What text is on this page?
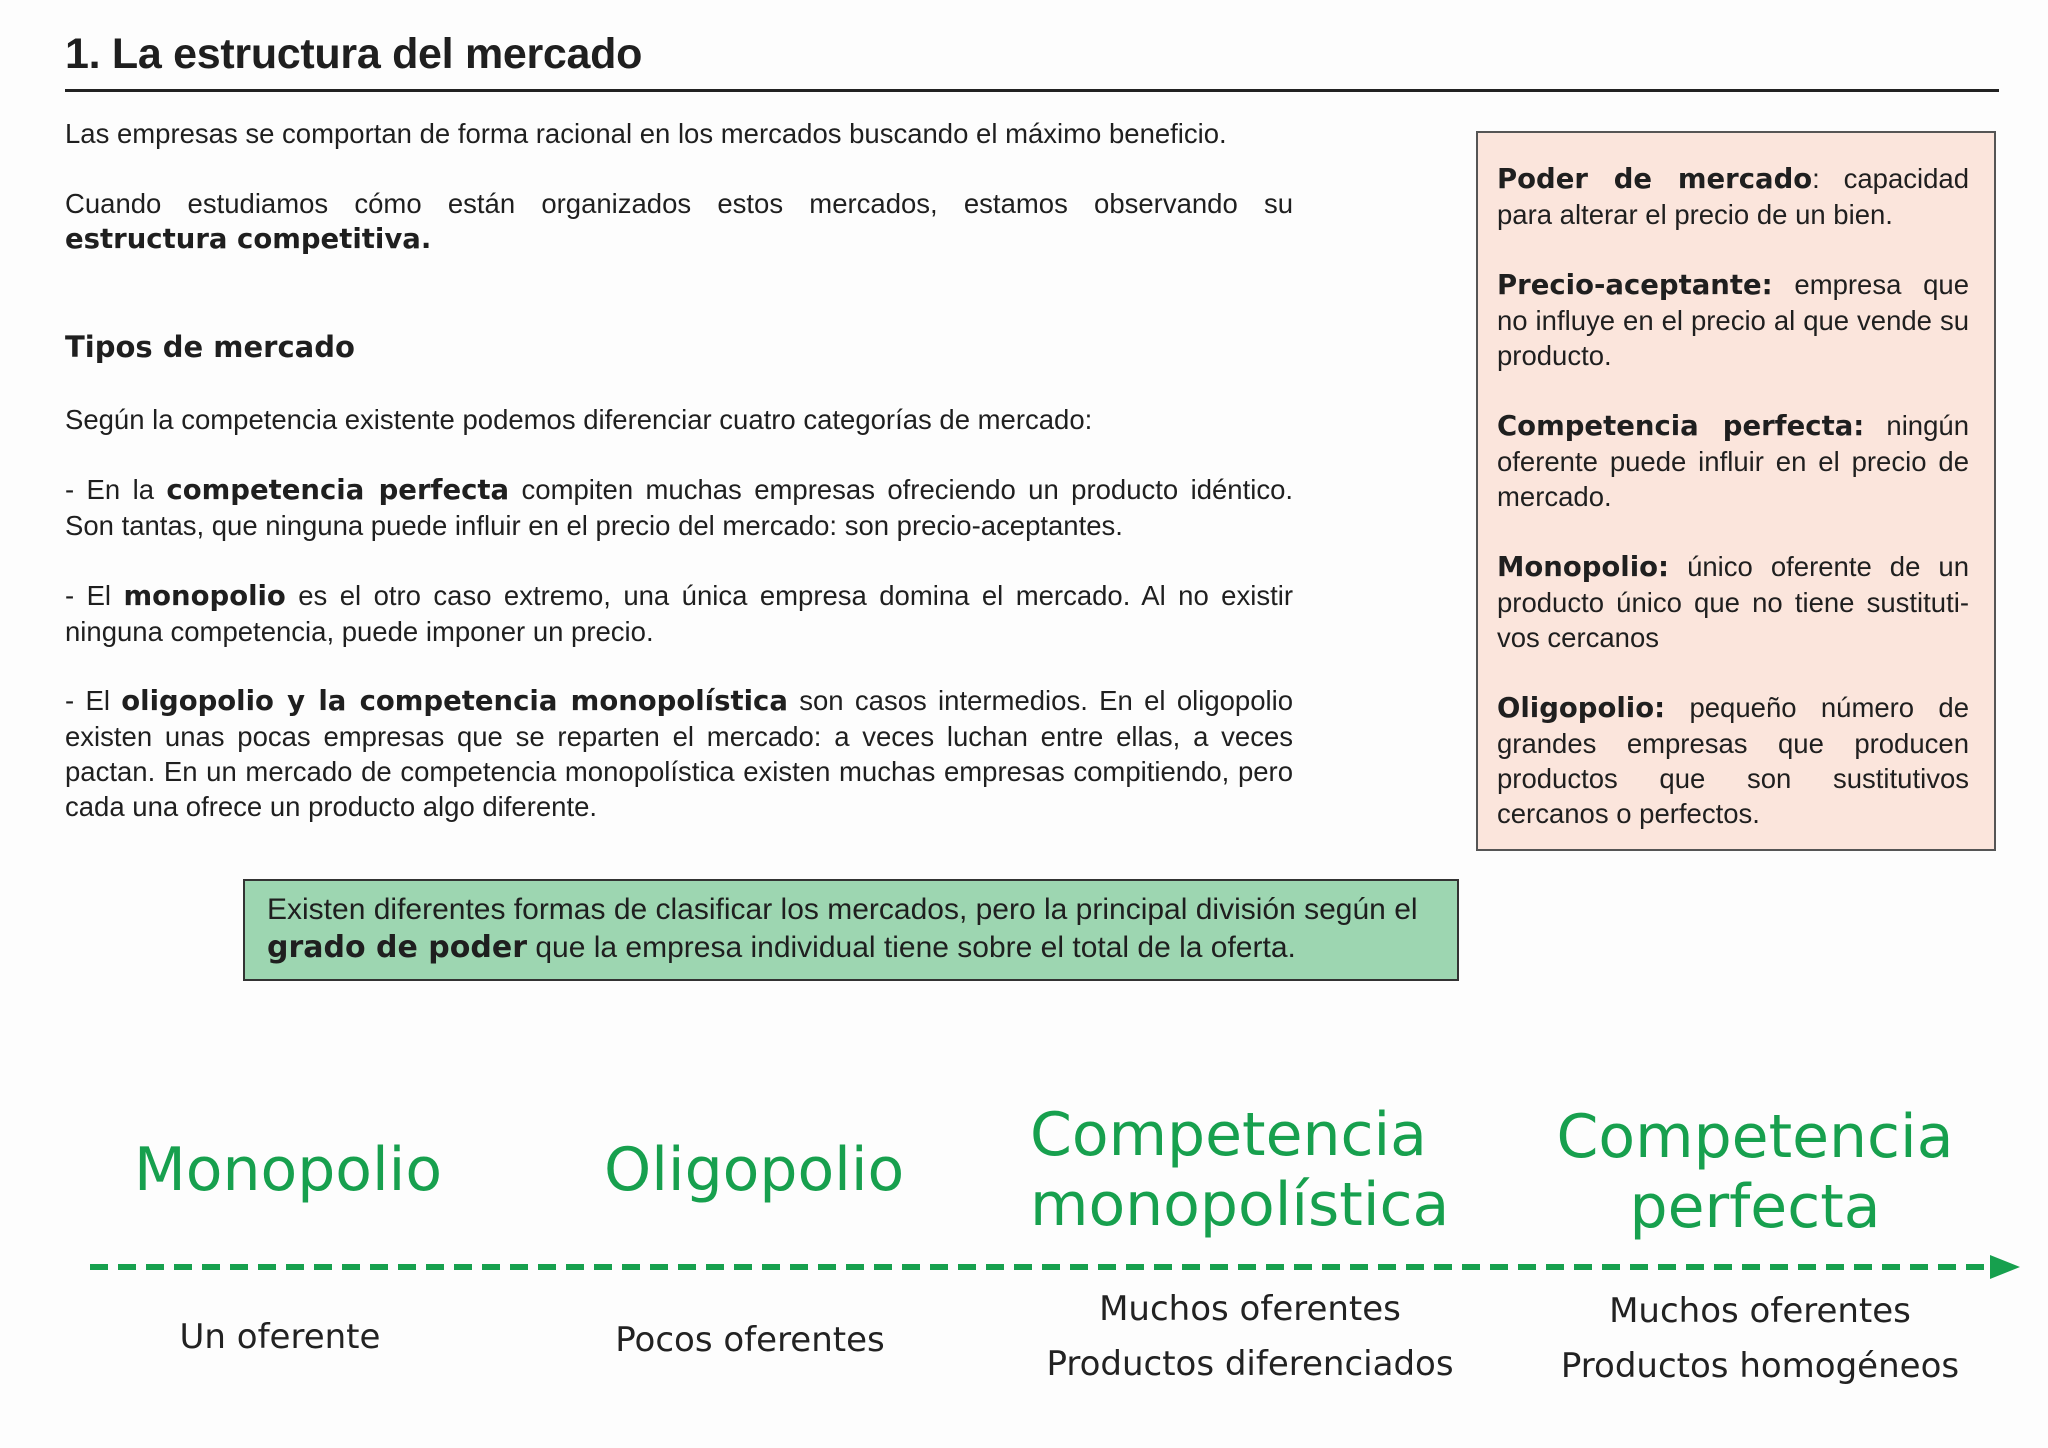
1. La estructura del mercado
Las empresas se comportan de forma racional en los mercados buscando el máximo beneficio.
Cuando estudiamos cómo están organizados estos mercados, estamos observando su estructura competitiva.
Tipos de mercado
Según la competencia existente podemos diferenciar cuatro categorías de mercado:
- En la competencia perfecta compiten muchas empresas ofreciendo un producto idéntico. Son tantas, que ninguna puede influir en el precio del mercado: son precio-aceptantes.
- El monopolio es el otro caso extremo, una única empresa domina el mercado. Al no existir ninguna competencia, puede imponer un precio.
- El oligopolio y la competencia monopolística son casos intermedios. En el oligopolio existen unas pocas empresas que se reparten el mercado: a veces luchan entre ellas, a veces pactan. En un mercado de competencia monopolística existen muchas empresas compitiendo, pero cada una ofrece un producto algo diferente.
Poder de mercado: capacidad para alterar el precio de un bien.
Precio-aceptante: empresa que no influye en el precio al que vende su producto.
Competencia perfecta: ningún oferente puede influir en el precio de mercado.
Monopolio: único oferente de un producto único que no tiene sustituti-vos cercanos
Oligopolio: pequeño número de grandes empresas que producen productos que son sustitutivos cercanos o perfectos.
Existen diferentes formas de clasificar los mercados, pero la principal división según el grado de poder que la empresa individual tiene sobre el total de la oferta.
Monopolio	Oligopolio Competencia
monopolística
Competencia
perfecta
Un oferente	Pocos oferentes
Muchos oferentes
Productos diferenciados
Muchos oferentes
Productos homogéneos
